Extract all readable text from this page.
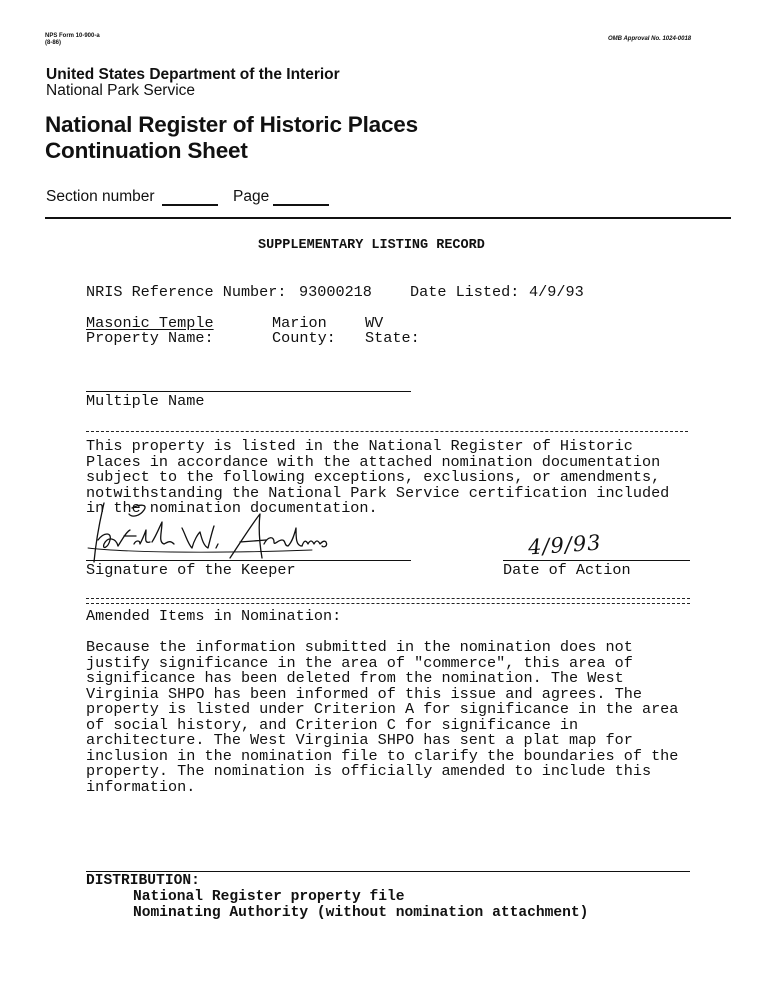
NPS Form 10-900-a
(8-86)
OMB Approval No. 1024-0018
United States Department of the Interior
National Park Service
National Register of Historic Places
Continuation Sheet
Section number	Page
SUPPLEMENTARY LISTING RECORD
NRIS Reference Number: 93000218	Date Listed: 4/9/93
Masonic Temple	Marion	WV
Property Name:	County: State:
Multiple Name
This property is listed in the National Register of Historic
Places in accordance with the attached nomination documentation
subject to the following exceptions, exclusions, or amendments,
notwithstanding the National Park Service certification included
in the nomination documentation.
Signature of the Keeper
4/9/93
Date of Action
Amended Items in Nomination:
Because the information submitted in the nomination does not
justify significance in the area of "commerce", this area of
significance has been deleted from the nomination. The West
Virginia SHPO has been informed of this issue and agrees. The
property is listed under Criterion A for significance in the area
of social history, and Criterion C for significance in
architecture. The West Virginia SHPO has sent a plat map for
inclusion in the nomination file to clarify the boundaries of the
property. The nomination is officially amended to include this
information.
DISTRIBUTION:
National Register property file
Nominating Authority (without nomination attachment)
